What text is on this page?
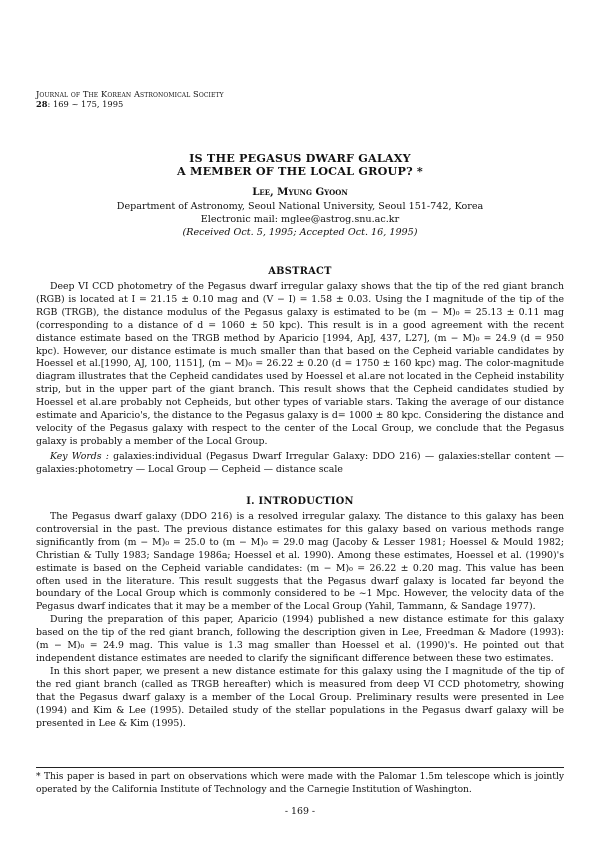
Journal of The Korean Astronomical Society
28: 169 ~ 175, 1995
IS THE PEGASUS DWARF GALAXY
A MEMBER OF THE LOCAL GROUP? *
Lee, Myung Gyoon
Department of Astronomy, Seoul National University, Seoul 151-742, Korea
Electronic mail: mglee@astrog.snu.ac.kr
(Received Oct. 5, 1995; Accepted Oct. 16, 1995)
ABSTRACT

Deep VI CCD photometry of the Pegasus dwarf irregular galaxy shows that the tip of the red giant branch (RGB) is located at I = 21.15 ± 0.10 mag and (V − I) = 1.58 ± 0.03. Using the I magnitude of the tip of the RGB (TRGB), the distance modulus of the Pegasus galaxy is estimated to be (m − M)₀ = 25.13 ± 0.11 mag (corresponding to a distance of d = 1060 ± 50 kpc). This result is in a good agreement with the recent distance estimate based on the TRGB method by Aparicio [1994, ApJ, 437, L27], (m − M)₀ = 24.9 (d = 950 kpc). However, our distance estimate is much smaller than that based on the Cepheid variable candidates by Hoessel et al.[1990, AJ, 100, 1151], (m − M)₀ = 26.22 ± 0.20 (d = 1750 ± 160 kpc) mag. The color-magnitude diagram illustrates that the Cepheid candidates used by Hoessel et al.are not located in the Cepheid instability strip, but in the upper part of the giant branch. This result shows that the Cepheid candidates studied by Hoessel et al.are probably not Cepheids, but other types of variable stars. Taking the average of our distance estimate and Aparicio's, the distance to the Pegasus galaxy is d= 1000 ± 80 kpc. Considering the distance and velocity of the Pegasus galaxy with respect to the center of the Local Group, we conclude that the Pegasus galaxy is probably a member of the Local Group.

Key Words : galaxies:individual (Pegasus Dwarf Irregular Galaxy: DDO 216) — galaxies:stellar content — galaxies:photometry — Local Group — Cepheid — distance scale

I. INTRODUCTION

The Pegasus dwarf galaxy (DDO 216) is a resolved irregular galaxy. The distance to this galaxy has been controversial in the past. The previous distance estimates for this galaxy based on various methods range significantly from (m − M)₀ = 25.0 to (m − M)₀ = 29.0 mag (Jacoby & Lesser 1981; Hoessel & Mould 1982; Christian & Tully 1983; Sandage 1986a; Hoessel et al. 1990). Among these estimates, Hoessel et al. (1990)'s estimate is based on the Cepheid variable candidates: (m − M)₀ = 26.22 ± 0.20 mag. This value has been often used in the literature. This result suggests that the Pegasus dwarf galaxy is located far beyond the boundary of the Local Group which is commonly considered to be ~1 Mpc. However, the velocity data of the Pegasus dwarf indicates that it may be a member of the Local Group (Yahil, Tammann, & Sandage 1977).

During the preparation of this paper, Aparicio (1994) published a new distance estimate for this galaxy based on the tip of the red giant branch, following the description given in Lee, Freedman & Madore (1993): (m − M)₀ = 24.9 mag. This value is 1.3 mag smaller than Hoessel et al. (1990)'s. He pointed out that independent distance estimates are needed to clarify the significant difference between these two estimates.

In this short paper, we present a new distance estimate for this galaxy using the I magnitude of the tip of the red giant branch (called as TRGB hereafter) which is measured from deep VI CCD photometry, showing that the Pegasus dwarf galaxy is a member of the Local Group. Preliminary results were presented in Lee (1994) and Kim & Lee (1995). Detailed study of the stellar populations in the Pegasus dwarf galaxy will be presented in Lee & Kim (1995).

* This paper is based in part on observations which were made with the Palomar 1.5m telescope which is jointly operated by the California Institute of Technology and the Carnegie Institution of Washington.

- 169 -
